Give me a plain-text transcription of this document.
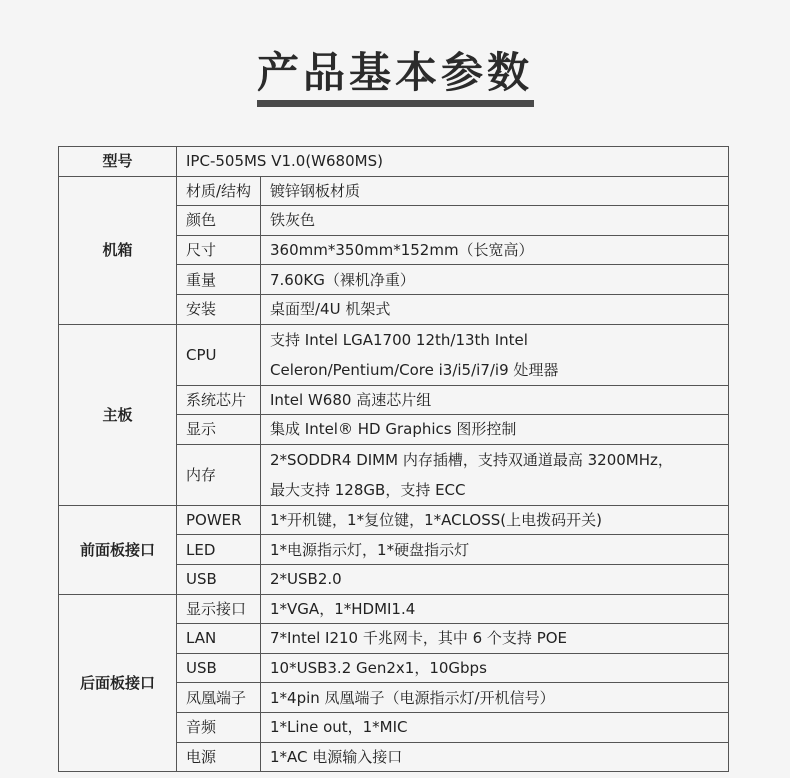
产品基本参数
型号	IPC-505MS V1.0(W680MS)	
机箱	材质/结构	镀锌钢板材质
	颜色	铁灰色
	尺寸	360mm*350mm*152mm（长宽高）
	重量	7.60KG（裸机净重）
	安装	桌面型/4U 机架式
主板	CPU	支持 Intel LGA1700 12th/13th Intel
Celeron/Pentium/Core i3/i5/i7/i9 处理器

	系统芯片	Intel W680 高速芯片组
	显示	集成 Intel® HD Graphics 图形控制
	内存	2*SODDR4 DIMM 内存插槽，支持双通道最高 3200MHz，
最大支持 128GB，支持 ECC

前面板接口	POWER	1*开机键，1*复位键，1*ACLOSS(上电拨码开关)
	LED	1*电源指示灯，1*硬盘指示灯
	USB	2*USB2.0
后面板接口	显示接口	1*VGA，1*HDMI1.4
	LAN	7*Intel I210 千兆网卡，其中 6 个支持 POE
	USB	10*USB3.2 Gen2x1，10Gbps
	凤凰端子	1*4pin 凤凰端子（电源指示灯/开机信号）
	音频	1*Line out，1*MIC
	电源	1*AC 电源输入接口
